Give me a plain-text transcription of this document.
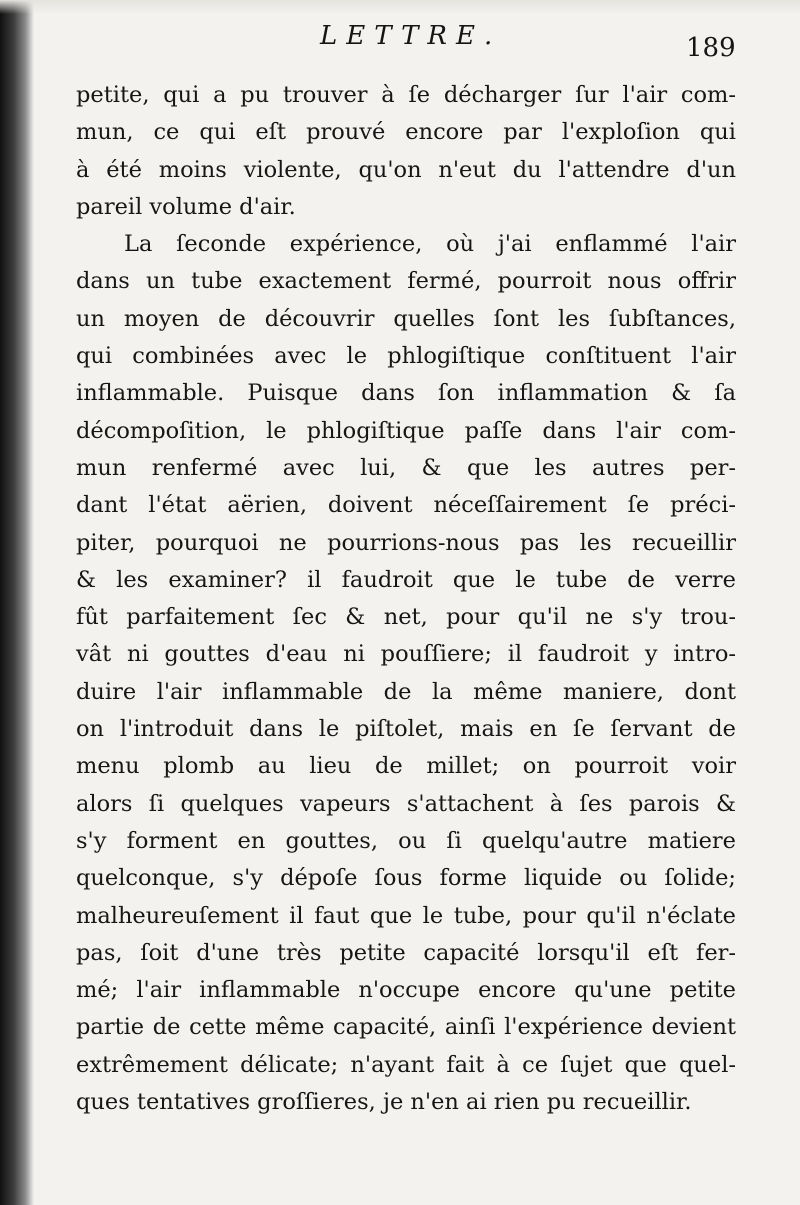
LETTRE.	189
petite, qui a pu trouver à ſe décharger ſur l'air com-
mun, ce qui eſt prouvé encore par l'exploſion qui
à été moins violente, qu'on n'eut du l'attendre d'un
pareil volume d'air.
La ſeconde expérience, où j'ai enflammé l'air
dans un tube exactement fermé, pourroit nous offrir
un moyen de découvrir quelles ſont les ſubſtances,
qui combinées avec le phlogiſtique conſtituent l'air
inflammable. Puisque dans ſon inflammation & ſa
décompoſition, le phlogiſtique paſſe dans l'air com-
mun renfermé avec lui, & que les autres per-
dant l'état aërien, doivent néceſſairement ſe préci-
piter, pourquoi ne pourrions-nous pas les recueillir
& les examiner? il faudroit que le tube de verre
fût parfaitement ſec & net, pour qu'il ne s'y trou-
vât ni gouttes d'eau ni pouſſiere; il faudroit y intro-
duire l'air inflammable de la même maniere, dont
on l'introduit dans le piſtolet, mais en ſe ſervant de
menu plomb au lieu de millet; on pourroit voir
alors ſi quelques vapeurs s'attachent à ſes parois &
s'y forment en gouttes, ou ſi quelqu'autre matiere
quelconque, s'y dépoſe ſous forme liquide ou ſolide;
malheureuſement il faut que le tube, pour qu'il n'éclate
pas, ſoit d'une très petite capacité lorsqu'il eſt fer-
mé; l'air inflammable n'occupe encore qu'une petite
partie de cette même capacité, ainſi l'expérience devient
extrêmement délicate; n'ayant fait à ce ſujet que quel-
ques tentatives groſſieres, je n'en ai rien pu recueillir.
